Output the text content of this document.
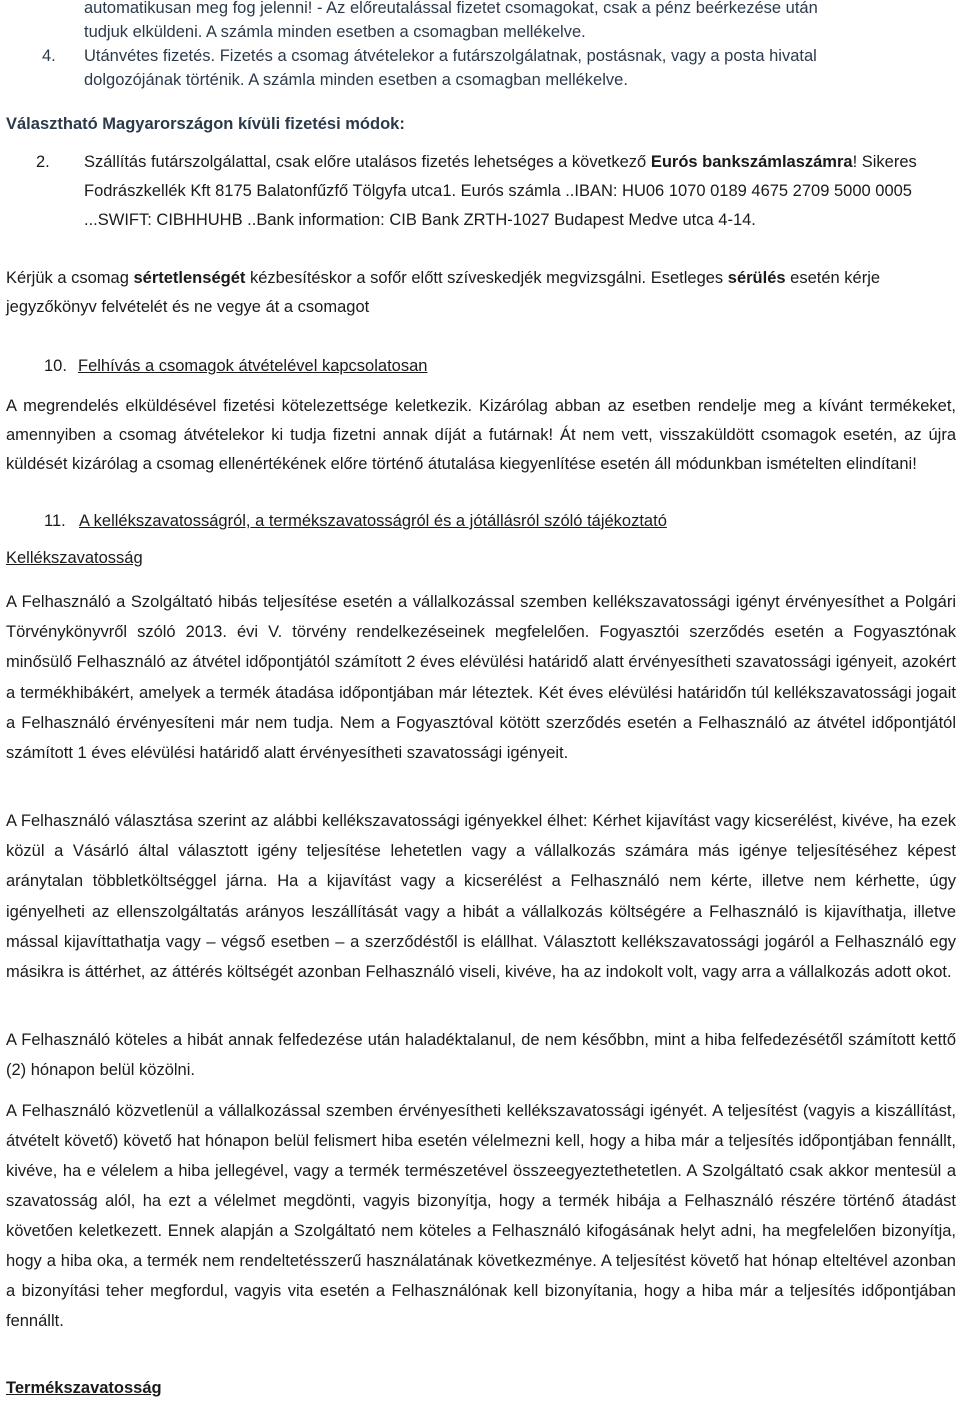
automatikusan meg fog jelenni! - Az előreutalással fizetet csomagokat, csak a pénz beérkezése után
tudjuk elküldeni. A számla minden esetben a csomagban mellékelve.
4. Utánvétes fizetés. Fizetés a csomag átvételekor a futárszolgálatnak, postásnak, vagy a posta hivatal
dolgozójának történik. A számla minden esetben a csomagban mellékelve.
Választható Magyarországon kívüli fizetési módok:
2. Szállítás futárszolgálattal, csak előre utalásos fizetés lehetséges a következő Eurós bankszámlaszámra! Sikeres Fodrászkellék Kft 8175 Balatonfűzfő Tölgyfa utca1. Eurós számla ..IBAN: HU06 1070 0189 4675 2709 5000 0005 ...SWIFT: CIBHHUHB ..Bank information: CIB Bank ZRTH-1027 Budapest Medve utca 4-14.
Kérjük a csomag sértetlenségét kézbesítéskor a sofőr előtt szíveskedjék megvizsgálni. Esetleges sérülés esetén kérje jegyzőkönyv felvételét és ne vegye át a csomagot
10. Felhívás a csomagok átvételével kapcsolatosan
A megrendelés elküldésével fizetési kötelezettsége keletkezik. Kizárólag abban az esetben rendelje meg a kívánt termékeket, amennyiben a csomag átvételekor ki tudja fizetni annak díját a futárnak! Át nem vett, visszaküldött csomagok esetén, az újra küldését kizárólag a csomag ellenértékének előre történő átutalása kiegyenlítése esetén áll módunkban ismételten elindítani!
11. A kellékszavatosságról, a termékszavatosságról és a jótállásról szóló tájékoztató
Kellékszavatosság
A Felhasználó a Szolgáltató hibás teljesítése esetén a vállalkozással szemben kellékszavatossági igényt érvényesíthet a Polgári Törvénykönyvről szóló 2013. évi V. törvény rendelkezéseinek megfelelően. Fogyasztói szerződés esetén a Fogyasztónak minősülő Felhasználó az átvétel időpontjától számított 2 éves elévülési határidő alatt érvényesítheti szavatossági igényeit, azokért a termékhibákért, amelyek a termék átadása időpontjában már léteztek. Két éves elévülési határidőn túl kellékszavatossági jogait a Felhasználó érvényesíteni már nem tudja. Nem a Fogyasztóval kötött szerződés esetén a Felhasználó az átvétel időpontjától számított 1 éves elévülési határidő alatt érvényesítheti szavatossági igényeit.
A Felhasználó választása szerint az alábbi kellékszavatossági igényekkel élhet: Kérhet kijavítást vagy kicserélést, kivéve, ha ezek közül a Vásárló által választott igény teljesítése lehetetlen vagy a vállalkozás számára más igénye teljesítéséhez képest aránytalan többletköltséggel járna. Ha a kijavítást vagy a kicserélést a Felhasználó nem kérte, illetve nem kérhette, úgy igényelheti az ellenszolgáltatás arányos leszállítását vagy a hibát a vállalkozás költségére a Felhasználó is kijavíthatja, illetve mással kijavíttathatja vagy – végső esetben – a szerződéstől is elállhat. Választott kellékszavatossági jogáról a Felhasználó egy másikra is áttérhet, az áttérés költségét azonban Felhasználó viseli, kivéve, ha az indokolt volt, vagy arra a vállalkozás adott okot.
A Felhasználó köteles a hibát annak felfedezése után haladéktalanul, de nem későbbn, mint a hiba felfedezésétől számított kettő (2) hónapon belül közölni.
A Felhasználó közvetlenül a vállalkozással szemben érvényesítheti kellékszavatossági igényét. A teljesítést (vagyis a kiszállítást, átvételt követő) követő hat hónapon belül felismert hiba esetén vélelmezni kell, hogy a hiba már a teljesítés időpontjában fennállt, kivéve, ha e vélelem a hiba jellegével, vagy a termék természetével összeegyeztethetetlen. A Szolgáltató csak akkor mentesül a szavatosság alól, ha ezt a vélelmet megdönti, vagyis bizonyítja, hogy a termék hibája a Felhasználó részére történő átadást követően keletkezett. Ennek alapján a Szolgáltató nem köteles a Felhasználó kifogásának helyt adni, ha megfelelően bizonyítja, hogy a hiba oka, a termék nem rendeltetésszerű használatának következménye. A teljesítést követő hat hónap elteltével azonban a bizonyítási teher megfordul, vagyis vita esetén a Felhasználónak kell bizonyítania, hogy a hiba már a teljesítés időpontjában fennállt.
Termékszavatosság
